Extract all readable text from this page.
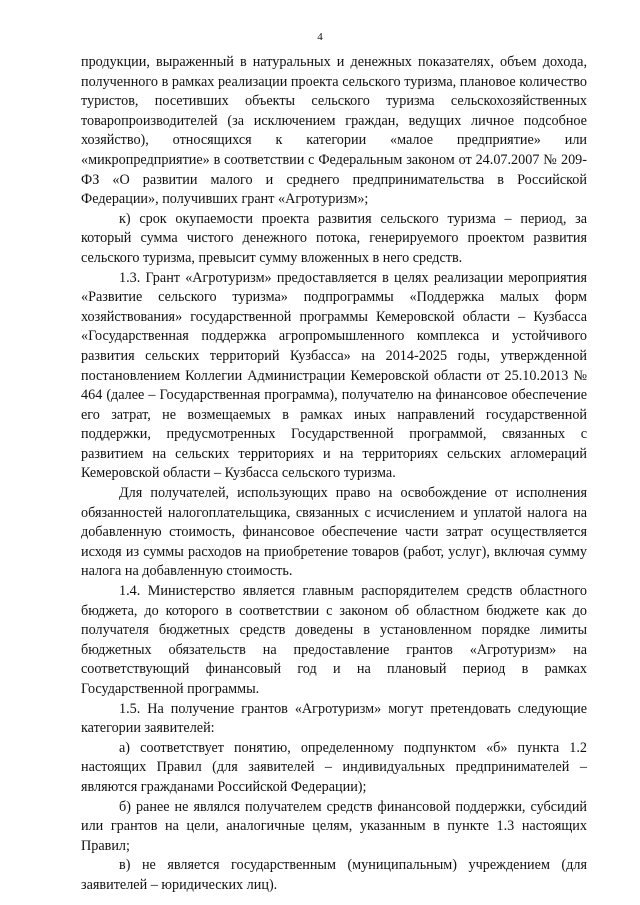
4

продукции, выраженный в натуральных и денежных показателях, объем дохода, полученного в рамках реализации проекта сельского туризма, плановое количество туристов, посетивших объекты сельского туризма сельскохозяйственных товаропроизводителей (за исключением граждан, ведущих личное подсобное хозяйство), относящихся к категории «малое предприятие» или «микропредприятие» в соответствии с Федеральным законом от 24.07.2007 № 209-ФЗ «О развитии малого и среднего предпринимательства в Российской Федерации», получивших грант «Агротуризм»;

к) срок окупаемости проекта развития сельского туризма – период, за который сумма чистого денежного потока, генерируемого проектом развития сельского туризма, превысит сумму вложенных в него средств.

1.3. Грант «Агротуризм» предоставляется в целях реализации мероприятия «Развитие сельского туризма» подпрограммы «Поддержка малых форм хозяйствования» государственной программы Кемеровской области – Кузбасса «Государственная поддержка агропромышленного комплекса и устойчивого развития сельских территорий Кузбасса» на 2014-2025 годы, утвержденной постановлением Коллегии Администрации Кемеровской области от 25.10.2013 № 464 (далее – Государственная программа), получателю на финансовое обеспечение его затрат, не возмещаемых в рамках иных направлений государственной поддержки, предусмотренных Государственной программой, связанных с развитием на сельских территориях и на территориях сельских агломераций Кемеровской области – Кузбасса сельского туризма.

Для получателей, использующих право на освобождение от исполнения обязанностей налогоплательщика, связанных с исчислением и уплатой налога на добавленную стоимость, финансовое обеспечение части затрат осуществляется исходя из суммы расходов на приобретение товаров (работ, услуг), включая сумму налога на добавленную стоимость.

1.4. Министерство является главным распорядителем средств областного бюджета, до которого в соответствии с законом об областном бюджете как до получателя бюджетных средств доведены в установленном порядке лимиты бюджетных обязательств на предоставление грантов «Агротуризм» на соответствующий финансовый год и на плановый период в рамках Государственной программы.

1.5. На получение грантов «Агротуризм» могут претендовать следующие категории заявителей:

а) соответствует понятию, определенному подпунктом «б» пункта 1.2 настоящих Правил (для заявителей – индивидуальных предпринимателей – являются гражданами Российской Федерации);

б) ранее не являлся получателем средств финансовой поддержки, субсидий или грантов на цели, аналогичные целям, указанным в пункте 1.3 настоящих Правил;

в) не является государственным (муниципальным) учреждением (для заявителей – юридических лиц).
